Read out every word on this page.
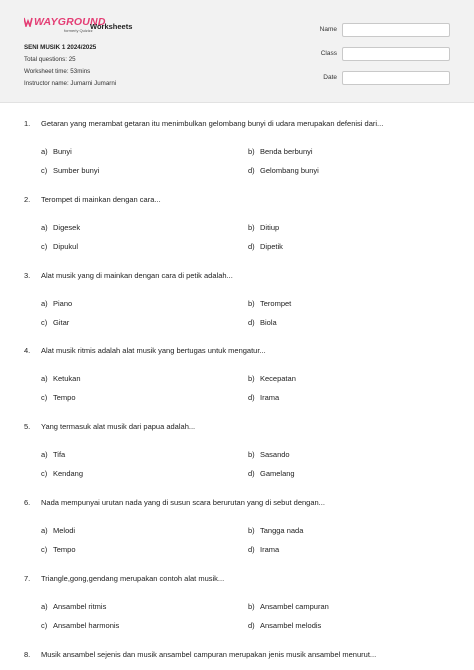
WAYGROUND
formerly Quizizz
Worksheets
SENI MUSIK 1 2024/2025
Total questions: 25
Worksheet time: 53mins
Instructor name: Jumarni Jumarni
Name
Class
Date
1. Getaran yang merambat getaran itu menimbulkan gelombang bunyi di udara merupakan defenisi dari...
a) Bunyi	b) Benda berbunyi
c) Sumber bunyi	d) Gelombang bunyi
2. Terompet di mainkan dengan cara...
a) Digesek	b) Ditiup
c) Dipukul	d) Dipetik
3. Alat musik yang di mainkan dengan cara di petik adalah...
a) Piano	b) Terompet
c) Gitar	d) Biola
4. Alat musik ritmis adalah alat musik yang bertugas untuk mengatur...
a) Ketukan	b) Kecepatan
c) Tempo	d) Irama
5. Yang termasuk alat musik dari papua adalah...
a) Tifa	b) Sasando
c) Kendang	d) Gamelang
6. Nada mempunyai urutan nada yang di susun scara berurutan yang di sebut dengan...
a) Melodi	b) Tangga nada
c) Tempo	d) Irama
7. Triangle,gong,gendang merupakan contoh alat musik...
a) Ansambel ritmis	b) Ansambel campuran
c) Ansambel harmonis	d) Ansambel melodis
8. Musik ansambel sejenis dan musik ansambel campuran merupakan jenis musik ansambel menurut...
